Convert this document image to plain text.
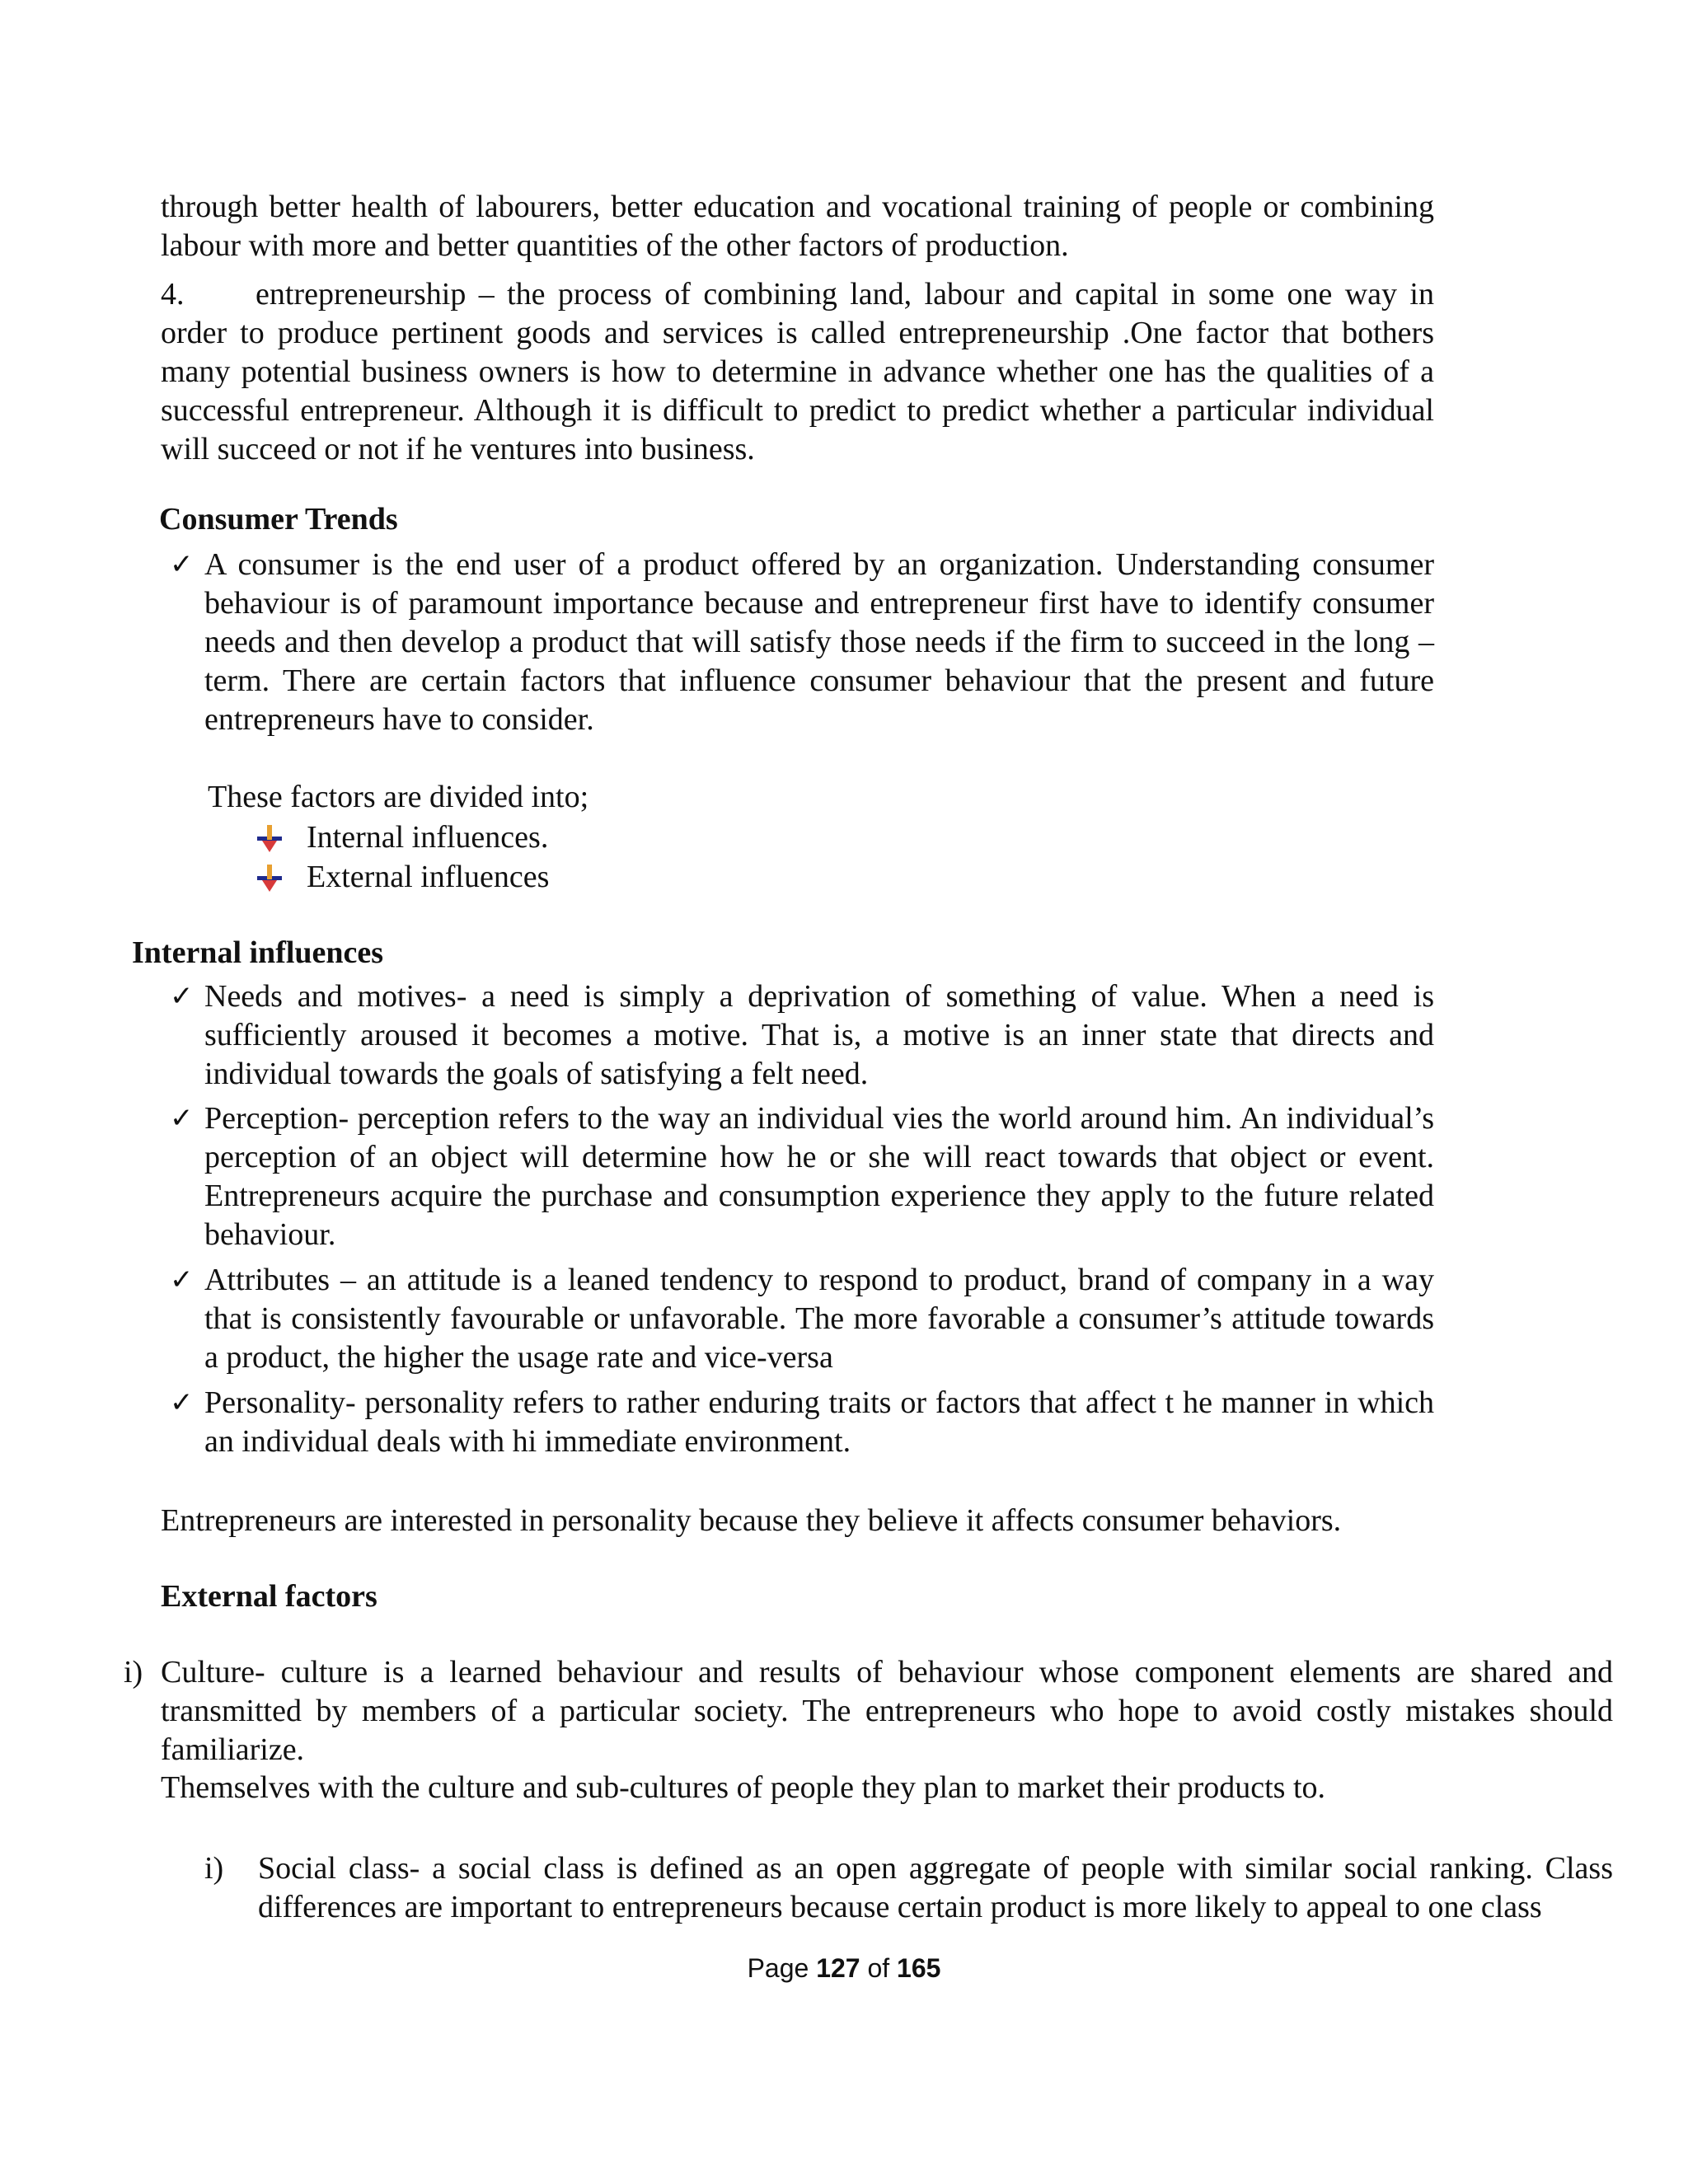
through better health of labourers, better education and vocational training of people or combining labour with more and better quantities of the other factors of production.
4. entrepreneurship – the process of combining land, labour and capital in some one way in order to produce pertinent goods and services is called entrepreneurship .One factor that bothers many potential business owners is how to determine in advance whether one has the qualities of a successful entrepreneur. Although it is difficult to predict to predict whether a particular individual will succeed or not if he ventures into business.
Consumer Trends
✓ A consumer is the end user of a product offered by an organization. Understanding consumer behaviour is of paramount importance because and entrepreneur first have to identify consumer needs and then develop a product that will satisfy those needs if the firm to succeed in the long –term. There are certain factors that influence consumer behaviour that the present and future entrepreneurs have to consider.
These factors are divided into;
Internal influences.
External influences
Internal influences
✓ Needs and motives- a need is simply a deprivation of something of value. When a need is sufficiently aroused it becomes a motive. That is, a motive is an inner state that directs and individual towards the goals of satisfying a felt need.
✓ Perception- perception refers to the way an individual vies the world around him. An individual’s perception of an object will determine how he or she will react towards that object or event. Entrepreneurs acquire the purchase and consumption experience they apply to the future related behaviour.
✓ Attributes – an attitude is a leaned tendency to respond to product, brand of company in a way that is consistently favourable or unfavorable. The more favorable a consumer’s attitude towards a product, the higher the usage rate and vice-versa
✓ Personality- personality refers to rather enduring traits or factors that affect t he manner in which an individual deals with hi immediate environment.
Entrepreneurs are interested in personality because they believe it affects consumer behaviors.
External factors
i) Culture- culture is a learned behaviour and results of behaviour whose component elements are shared and transmitted by members of a particular society. The entrepreneurs who hope to avoid costly mistakes should familiarize.
Themselves with the culture and sub-cultures of people they plan to market their products to.
i) Social class- a social class is defined as an open aggregate of people with similar social ranking. Class differences are important to entrepreneurs because certain product is more likely to appeal to one class
Page 127 of 165
